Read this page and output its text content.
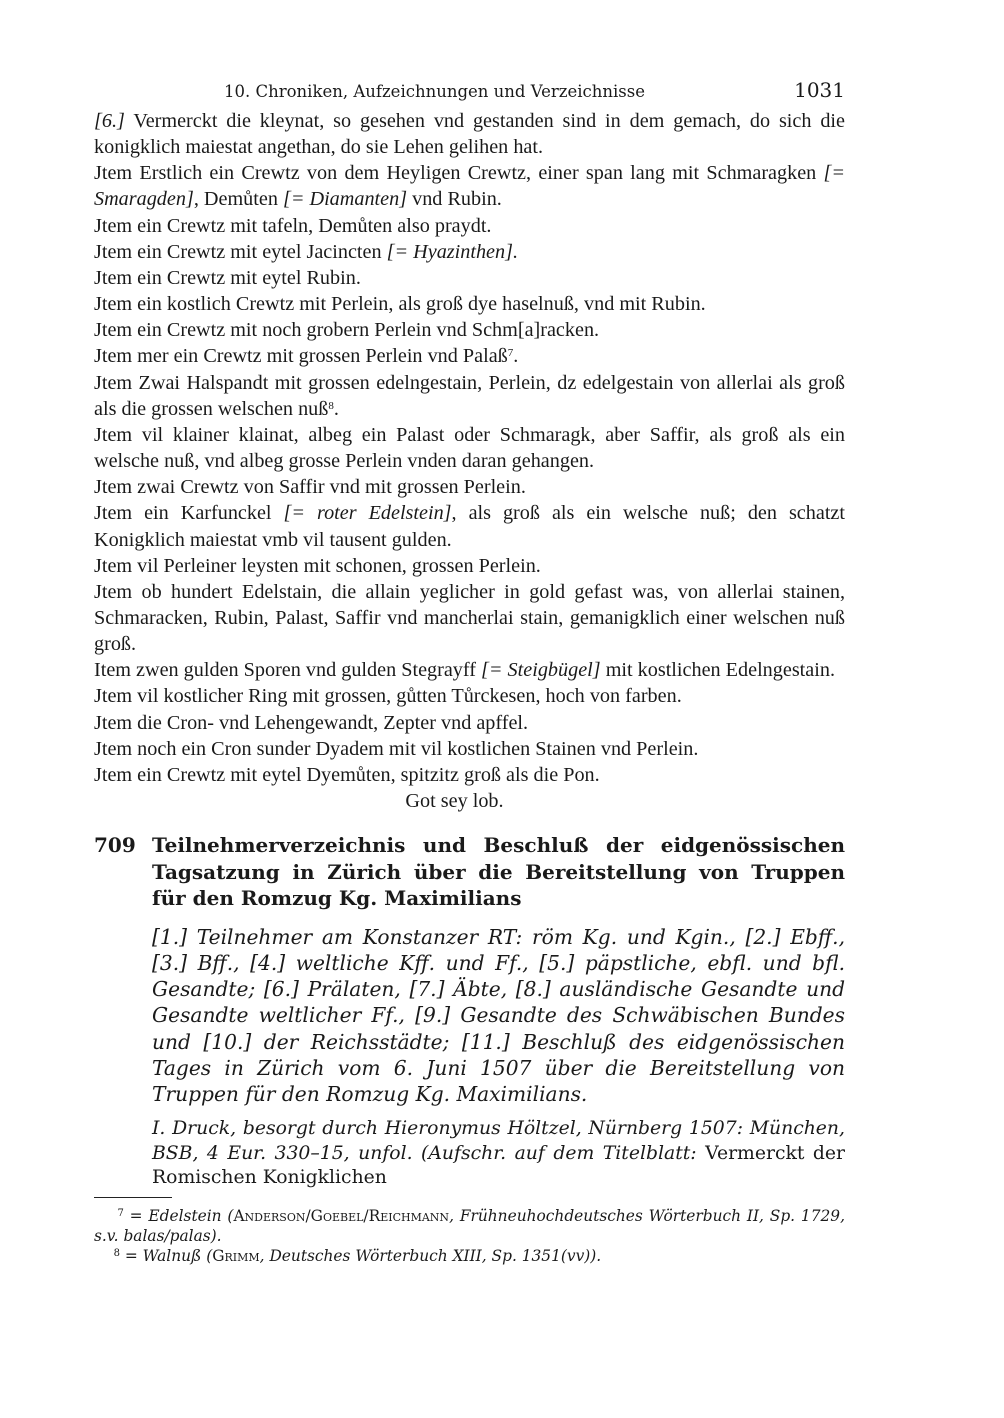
10. Chroniken, Aufzeichnungen und Verzeichnisse	1031

[6.] Vermerckt die kleynat, so gesehen vnd gestanden sind in dem gemach, do sich die konigklich maiestat angethan, do sie Lehen gelihen hat.

Jtem Erstlich ein Crewtz von dem Heyligen Crewtz, einer span lang mit Schmaragken [= Smaragden], Demůten [= Diamanten] vnd Rubin.

Jtem ein Crewtz mit tafeln, Demůten also praydt.

Jtem ein Crewtz mit eytel Jacincten [= Hyazinthen].

Jtem ein Crewtz mit eytel Rubin.

Jtem ein kostlich Crewtz mit Perlein, als groß dye haselnuß, vnd mit Rubin.

Jtem ein Crewtz mit noch grobern Perlein vnd Schm[a]racken.

Jtem mer ein Crewtz mit grossen Perlein vnd Palaß$^7$.

Jtem Zwai Halspandt mit grossen edelngestain, Perlein, dz edelgestain von allerlai als groß als die grossen welschen nuß$^8$.

Jtem vil klainer klainat, albeg ein Palast oder Schmaragk, aber Saffir, als groß als ein welsche nuß, vnd albeg grosse Perlein vnden daran gehangen.

Jtem zwai Crewtz von Saffir vnd mit grossen Perlein.

Jtem ein Karfunckel [= roter Edelstein], als groß als ein welsche nuß; den schatzt Konigklich maiestat vmb vil tausent gulden.

Jtem vil Perleiner leysten mit schonen, grossen Perlein.

Jtem ob hundert Edelstain, die allain yeglicher in gold gefast was, von allerlai stainen, Schmaracken, Rubin, Palast, Saffir vnd mancherlai stain, gemanigklich einer welschen nuß groß.

Item zwen gulden Sporen vnd gulden Stegrayff [= Steigbügel] mit kostlichen Edelngestain.

Jtem vil kostlicher Ring mit grossen, gůtten Tůrckesen, hoch von farben.

Jtem die Cron- vnd Lehengewandt, Zepter vnd apffel.

Jtem noch ein Cron sunder Dyadem mit vil kostlichen Stainen vnd Perlein.

Jtem ein Crewtz mit eytel Dyemůten, spitzitz groß als die Pon.

Got sey lob.

709 Teilnehmerverzeichnis und Beschluß der eidgenössischen Tagsatzung in Zürich über die Bereitstellung von Truppen für den Romzug Kg. Maximilians
[1.] Teilnehmer am Konstanzer RT: röm Kg. und Kgin., [2.] Ebff., [3.] Bff., [4.] weltliche Kff. und Ff., [5.] päpstliche, ebfl. und bfl. Gesandte; [6.] Prälaten, [7.] Äbte, [8.] ausländische Gesandte und Gesandte weltlicher Ff., [9.] Gesandte des Schwäbischen Bundes und [10.] der Reichsstädte; [11.] Beschluß des eidgenössischen Tages in Zürich vom 6. Juni 1507 über die Bereitstellung von Truppen für den Romzug Kg. Maximilians.
I. Druck, besorgt durch Hieronymus Höltzel, Nürnberg 1507: München, BSB, 4 Eur. 330–15, unfol. (Aufschr. auf dem Titelblatt: Vermerckt der Romischen Konigklichen

$^7$ = Edelstein (Anderson/Goebel/Reichmann, Frühneuhochdeutsches Wörterbuch II, Sp. 1729, s.v. balas/palas).

$^8$ = Walnuß (Grimm, Deutsches Wörterbuch XIII, Sp. 1351(vv)).
